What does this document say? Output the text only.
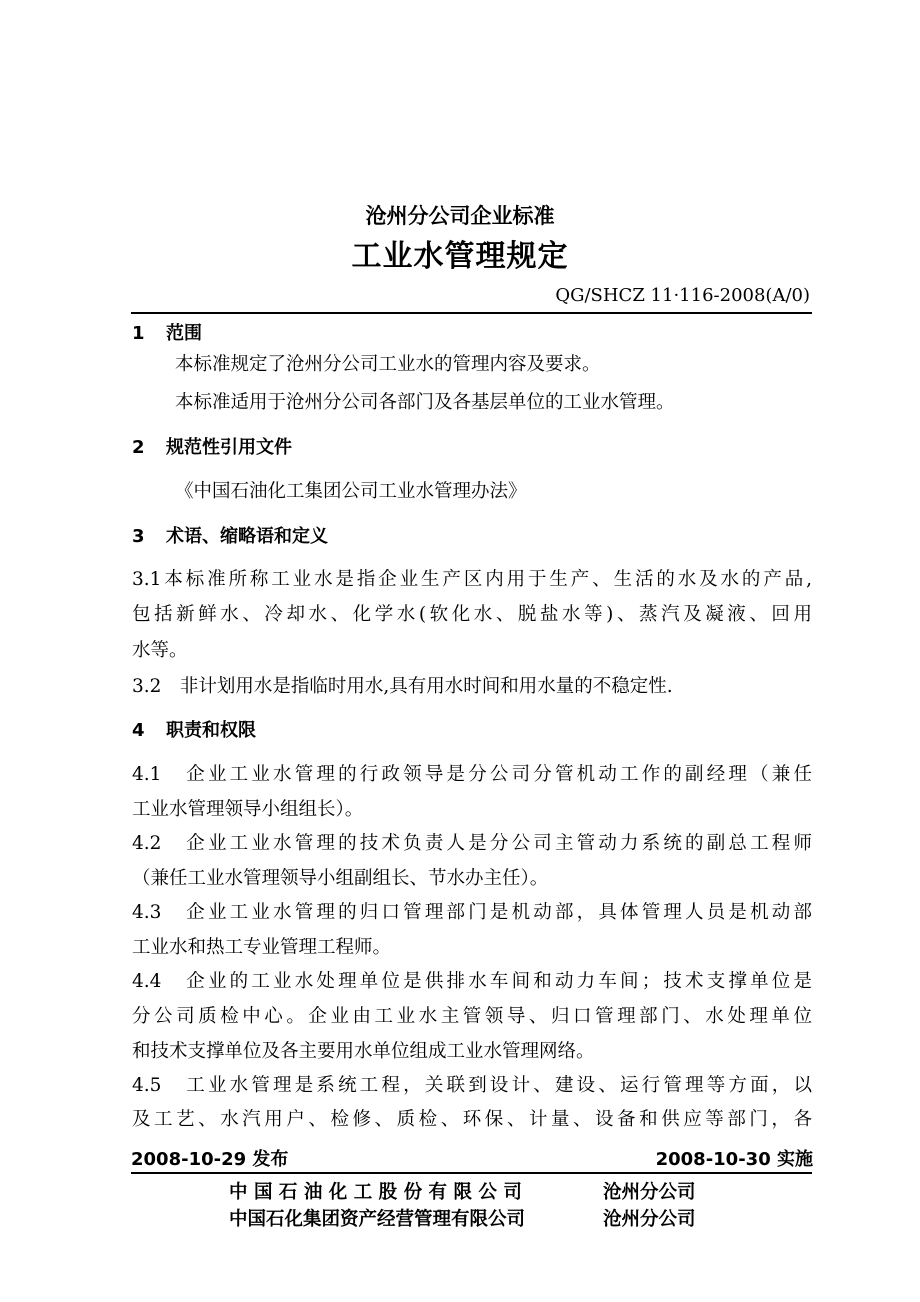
沧州分公司企业标准
工业水管理规定
QG/SHCZ 11·116-2008(A/0)
1 范围
本标准规定了沧州分公司工业水的管理内容及要求。
本标准适用于沧州分公司各部门及各基层单位的工业水管理。
2 规范性引用文件
《中国石油化工集团公司工业水管理办法》
3 术语、缩略语和定义
3.1本标准所称工业水是指企业生产区内用于生产、生活的水及水的产品,
包括新鲜水、冷却水、化学水(软化水、脱盐水等)、蒸汽及凝液、回用
水等。
3.2　非计划用水是指临时用水,具有用水时间和用水量的不稳定性.
4 职责和权限
4.1　企业工业水管理的行政领导是分公司分管机动工作的副经理（兼任
工业水管理领导小组组长）。
4.2　企业工业水管理的技术负责人是分公司主管动力系统的副总工程师
（兼任工业水管理领导小组副组长、节水办主任）。
4.3　企业工业水管理的归口管理部门是机动部，具体管理人员是机动部
工业水和热工专业管理工程师。
4.4　企业的工业水处理单位是供排水车间和动力车间；技术支撑单位是
分公司质检中心。企业由工业水主管领导、归口管理部门、水处理单位
和技术支撑单位及各主要用水单位组成工业水管理网络。
4.5　工业水管理是系统工程，关联到设计、建设、运行管理等方面，以
及工艺、水汽用户、检修、质检、环保、计量、设备和供应等部门，各
2008-10-29 发布	2008-10-30 实施
中 国 石 油 化 工 股 份 有 限 公 司	沧州分公司
中国石化集团资产经营管理有限公司	沧州分公司
